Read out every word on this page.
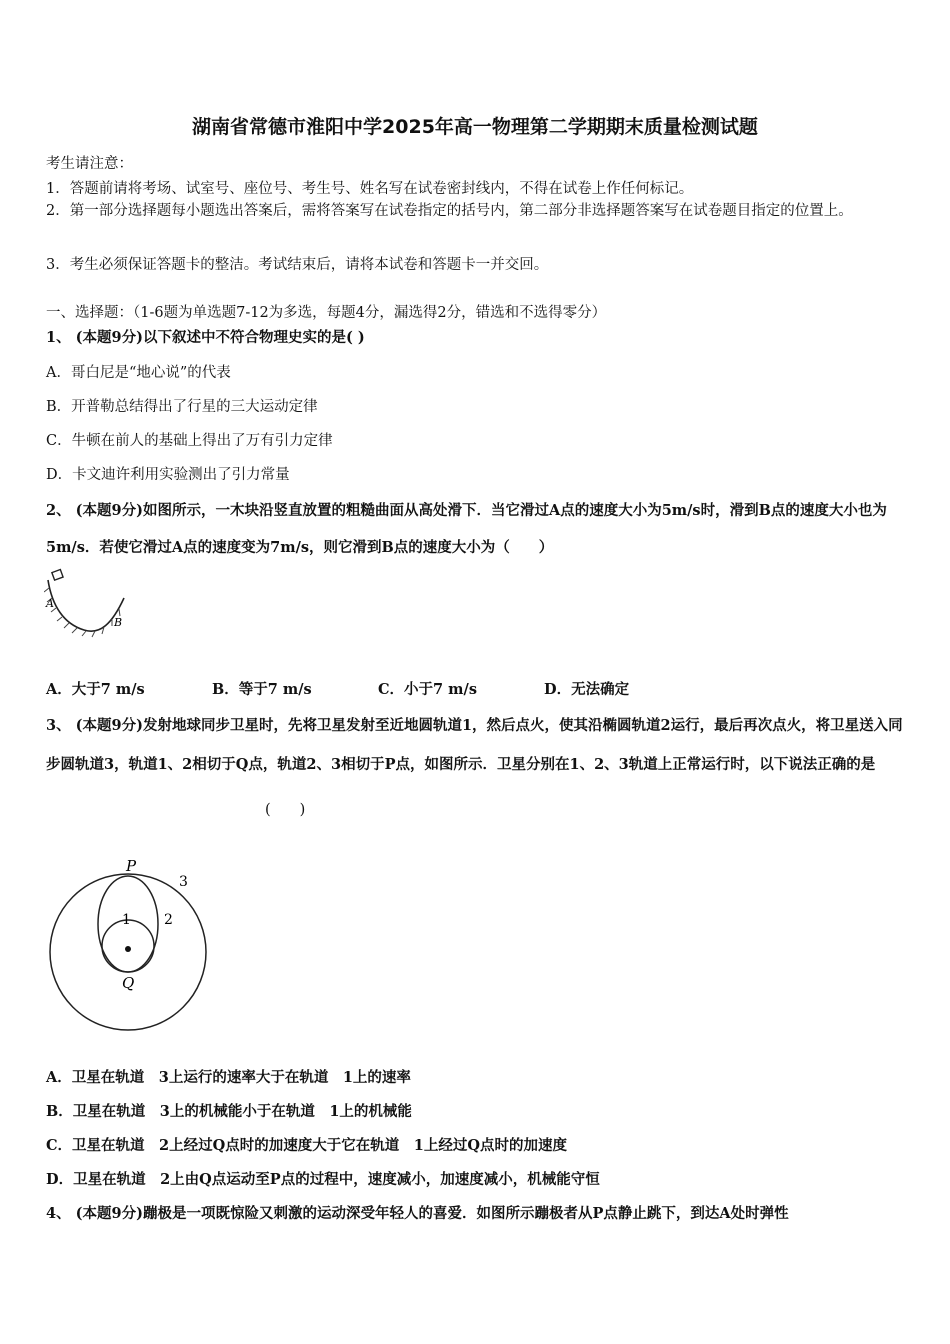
湖南省常德市淮阳中学2025年高一物理第二学期期末质量检测试题
考生请注意：
1．答题前请将考场、试室号、座位号、考生号、姓名写在试卷密封线内，不得在试卷上作任何标记。
2．第一部分选择题每小题选出答案后，需将答案写在试卷指定的括号内，第二部分非选择题答案写在试卷题目指定的位置上。
3．考生必须保证答题卡的整洁。考试结束后，请将本试卷和答题卡一并交回。
一、选择题：（1-6题为单选题7-12为多选，每题4分，漏选得2分，错选和不选得零分）
1、 (本题9分)以下叙述中不符合物理史实的是( )
A．哥白尼是“地心说”的代表
B．开普勒总结得出了行星的三大运动定律
C．牛顿在前人的基础上得出了万有引力定律
D．卡文迪许利用实验测出了引力常量
2、 (本题9分)如图所示，一木块沿竖直放置的粗糙曲面从高处滑下．当它滑过A点的速度大小为5m/s时，滑到B点的速度大小也为5m/s．若使它滑过A点的速度变为7m/s，则它滑到B点的速度大小为（　　）
A
B
A．大于7 m/s	B．等于7 m/s	C．小于7 m/s	D．无法确定
3、 (本题9分)发射地球同步卫星时，先将卫星发射至近地圆轨道1，然后点火，使其沿椭圆轨道2运行，最后再次点火，将卫星送入同步圆轨道3，轨道1、2相切于Q点，轨道2、3相切于P点，如图所示．卫星分别在1、2、3轨道上正常运行时，以下说法正确的是
(　　)
P
Q
1 2
3
A．卫星在轨道　3上运行的速率大于在轨道　1上的速率
B．卫星在轨道　3上的机械能小于在轨道　1上的机械能
C．卫星在轨道　2上经过Q点时的加速度大于它在轨道　1上经过Q点时的加速度
D．卫星在轨道　2上由Q点运动至P点的过程中，速度减小，加速度减小，机械能守恒
4、 (本题9分)蹦极是一项既惊险又刺激的运动深受年轻人的喜爱．如图所示蹦极者从P点静止跳下，到达A处时弹性
